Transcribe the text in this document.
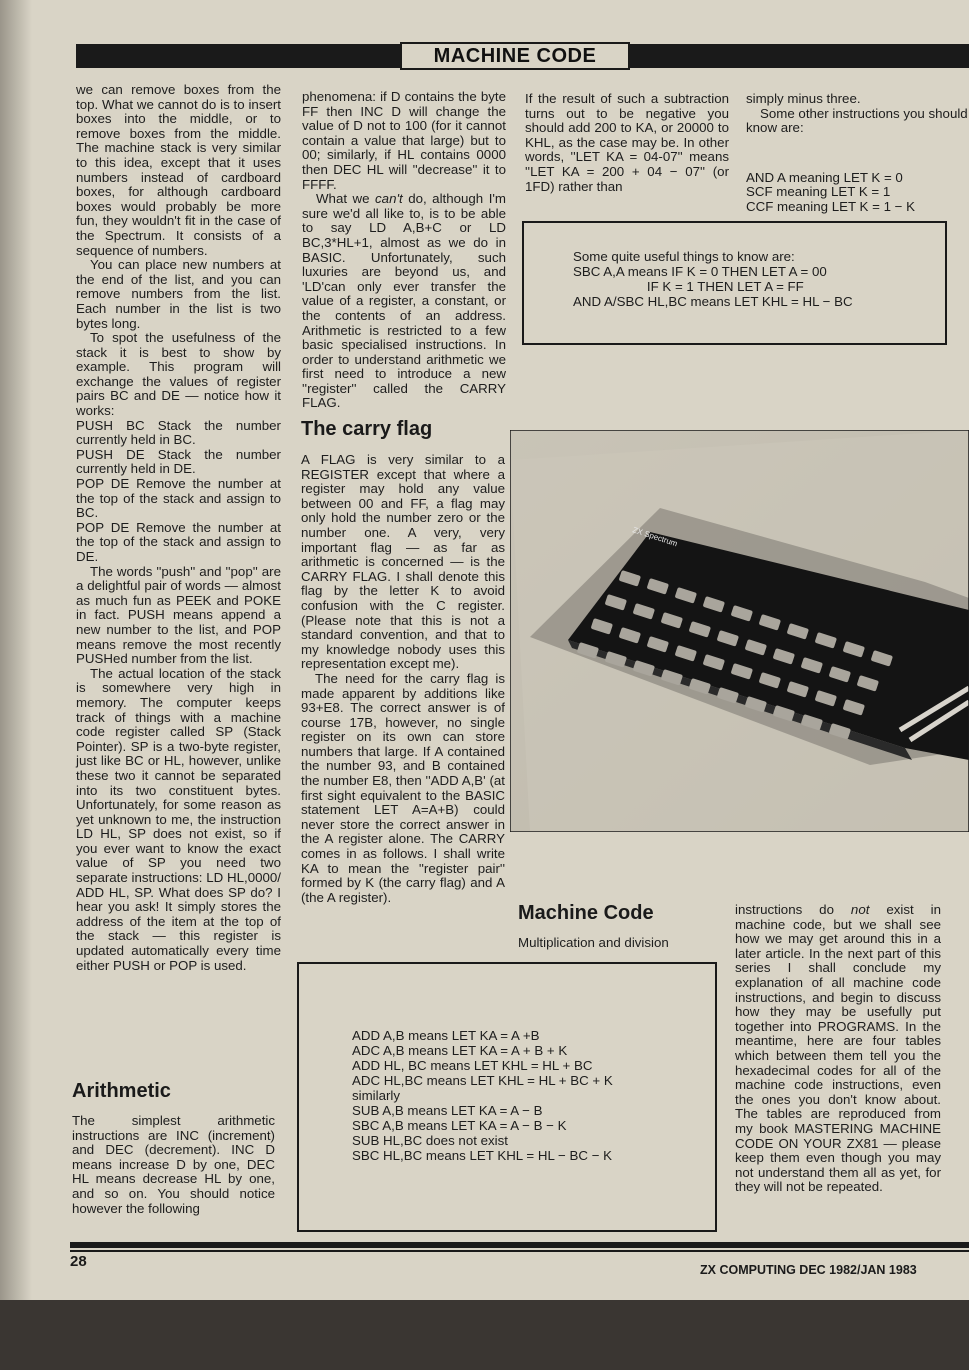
MACHINE CODE

we can remove boxes from the top. What we cannot do is to insert boxes into the middle, or to remove boxes from the middle. The machine stack is very similar to this idea, except that it uses numbers instead of cardboard boxes, for although cardboard boxes would probably be more fun, they wouldn't fit in the case of the Spectrum. It consists of a sequence of numbers.

You can place new numbers at the end of the list, and you can remove numbers from the list. Each number in the list is two bytes long.

To spot the usefulness of the stack it is best to show by example. This program will exchange the values of register pairs BC and DE — notice how it works:

PUSH BC Stack the number currently held in BC.

PUSH DE Stack the number currently held in DE.

POP DE Remove the number at the top of the stack and assign to BC.

POP DE Remove the number at the top of the stack and assign to DE.

The words ''push'' and ''pop'' are a delightful pair of words — almost as much fun as PEEK and POKE in fact. PUSH means append a new number to the list, and POP means remove the most recently PUSHed number from the list.

The actual location of the stack is somewhere very high in memory. The computer keeps track of things with a machine code register called SP (Stack Pointer). SP is a two-byte register, just like BC or HL, however, unlike these two it cannot be separated into its two constituent bytes. Unfortunately, for some reason as yet unknown to me, the instruction LD HL, SP does not exist, so if you ever want to know the exact value of SP you need two separate instructions: LD HL,0000/ ADD HL, SP. What does SP do? I hear you ask! It simply stores the address of the item at the top of the stack — this register is updated automatically every time either PUSH or POP is used.

Arithmetic

The simplest arithmetic instructions are INC (increment) and DEC (decrement). INC D means increase D by one, DEC HL means decrease HL by one, and so on. You should notice however the following

phenomena: if D contains the byte FF then INC D will change the value of D not to 100 (for it cannot contain a value that large) but to 00; similarly, if HL contains 0000 then DEC HL will ''decrease'' it to FFFF.

What we can't do, although I'm sure we'd all like to, is to be able to say LD A,B+C or LD BC,3*HL+1, almost as we do in BASIC. Unfortunately, such luxuries are beyond us, and 'LD'can only ever transfer the value of a register, a constant, or the contents of an address. Arithmetic is restricted to a few basic specialised instructions. In order to understand arithmetic we first need to introduce a new ''register'' called the CARRY FLAG.

The carry flag

A FLAG is very similar to a REGISTER except that where a register may hold any value between 00 and FF, a flag may only hold the number zero or the number one. A very, very important flag — as far as arithmetic is concerned — is the CARRY FLAG. I shall denote this flag by the letter K to avoid confusion with the C register. (Please note that this is not a standard convention, and that to my knowledge nobody uses this representation except me).

The need for the carry flag is made apparent by additions like 93+E8. The correct answer is of course 17B, however, no single register on its own can store numbers that large. If A contained the number 93, and B contained the number E8, then ''ADD A,B' (at first sight equivalent to the BASIC statement LET A=A+B) could never store the correct answer in the A register alone. The CARRY comes in as follows. I shall write KA to mean the ''register pair'' formed by K (the carry flag) and A (the A register).

If the result of such a subtraction turns out to be negative you should add 200 to KA, or 20000 to KHL, as the case may be. In other words, ''LET KA = 04-07'' means ''LET KA = 200 + 04 − 07'' (or 1FD) rather than

simply minus three.

Some other instructions you should know are:

AND A meaning LET K = 0

SCF meaning LET K = 1

CCF meaning LET K = 1 − K

Some quite useful things to know are:

SBC A,A means IF K = 0 THEN LET A = 00

IF K = 1 THEN LET A = FF

AND A/SBC HL,BC means LET KHL = HL − BC

ZX Spectrum
Machine Code

Multiplication and division

instructions do not exist in machine code, but we shall see how we may get around this in a later article. In the next part of this series I shall conclude my explanation of all machine code instructions, and begin to discuss how they may be usefully put together into PROGRAMS. In the meantime, here are four tables which between them tell you the hexadecimal codes for all of the machine code instructions, even the ones you don't know about. The tables are reproduced from my book MASTERING MACHINE CODE ON YOUR ZX81 — please keep them even though you may not understand them all as yet, for they will not be repeated.

ADD A,B means LET KA = A +B

ADC A,B means LET KA = A + B + K

ADD HL, BC means LET KHL = HL + BC

ADC HL,BC means LET KHL = HL + BC + K

similarly

SUB A,B means LET KA = A − B

SBC A,B means LET KA = A − B − K

SUB HL,BC does not exist

SBC HL,BC means LET KHL = HL − BC − K

28	ZX COMPUTING DEC 1982/JAN 1983
